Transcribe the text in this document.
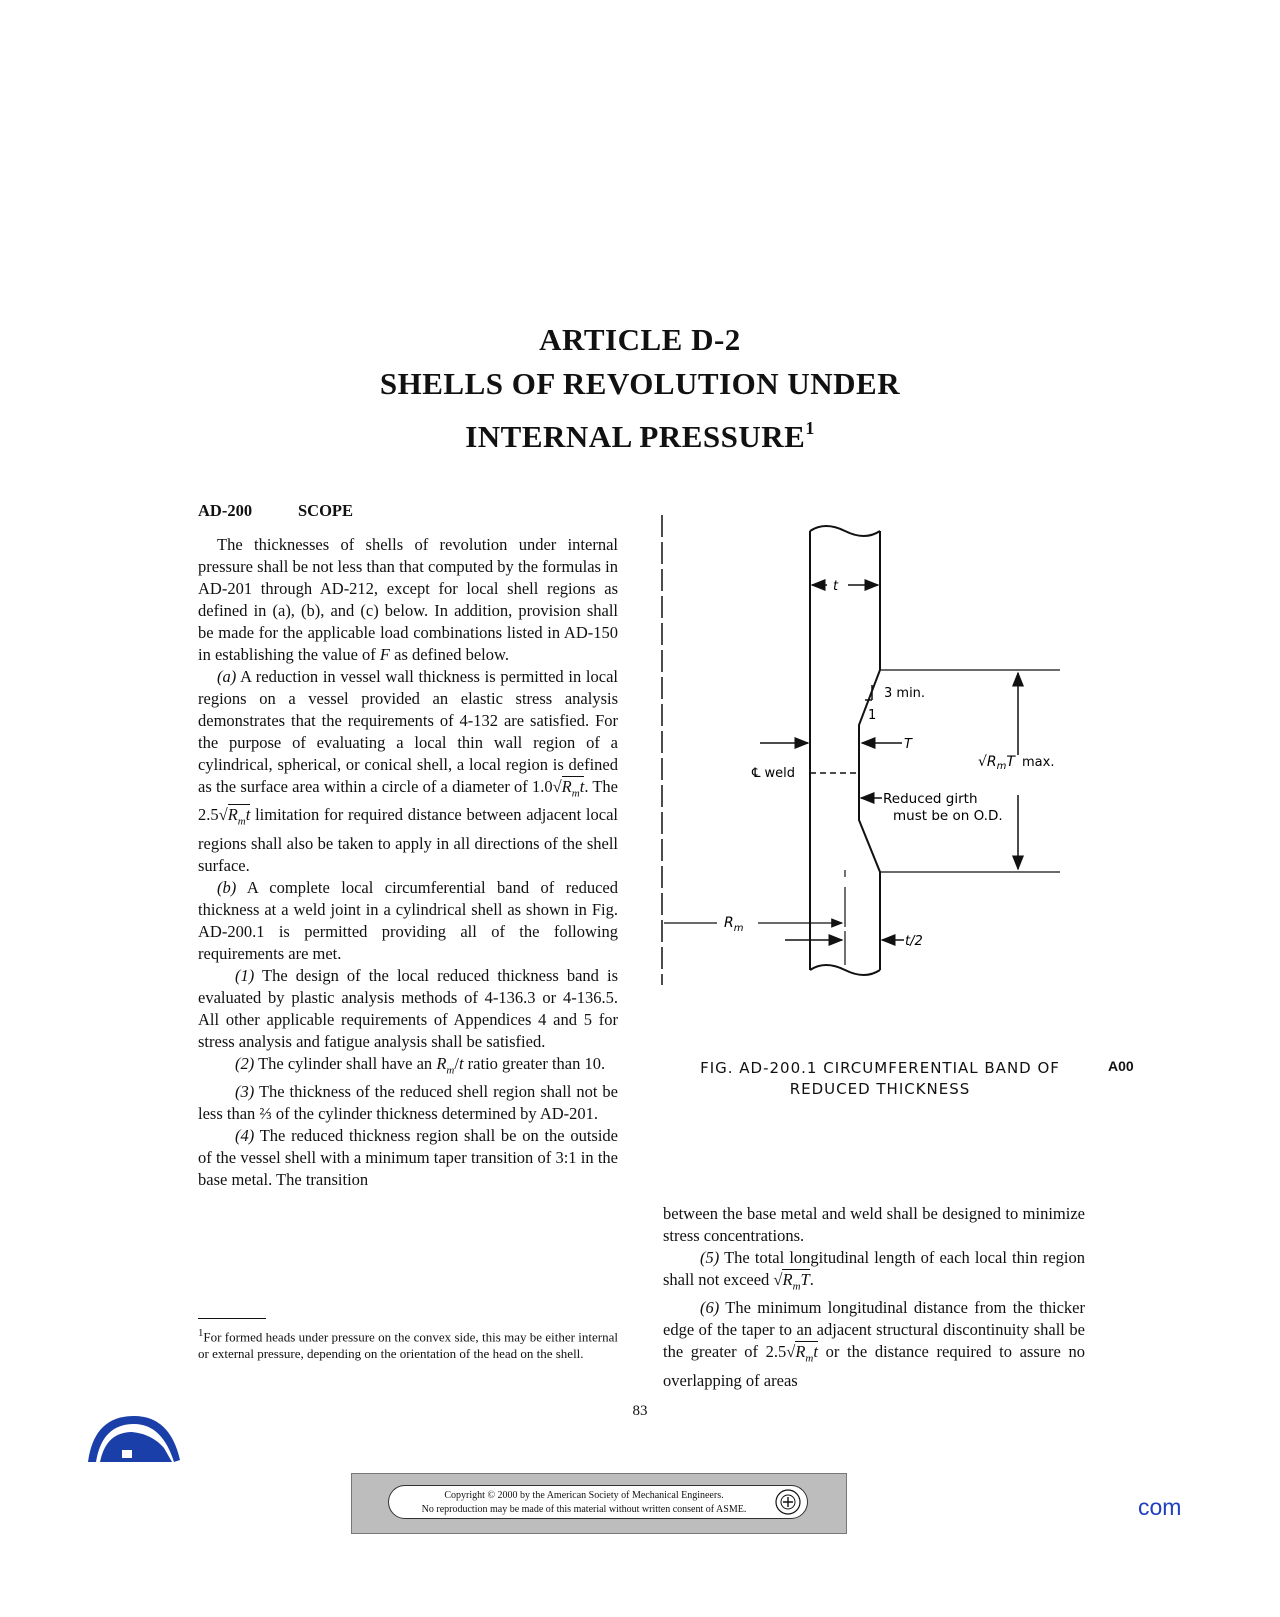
ARTICLE D-2
SHELLS OF REVOLUTION UNDER
INTERNAL PRESSURE$^1$
AD-200	SCOPE

The thicknesses of shells of revolution under internal pressure shall be not less than that computed by the formulas in AD-201 through AD-212, except for local shell regions as defined in (a), (b), and (c) below. In addition, provision shall be made for the applicable load combinations listed in AD-150 in establishing the value of F as defined below.

(a) A reduction in vessel wall thickness is permitted in local regions on a vessel provided an elastic stress analysis demonstrates that the requirements of 4-132 are satisfied. For the purpose of evaluating a local thin wall region of a cylindrical, spherical, or conical shell, a local region is defined as the surface area within a circle of a diameter of $1.0√R_mt$. The $2.5√R_mt$ limitation for required distance between adjacent local regions shall also be taken to apply in all directions of the shell surface.

(b) A complete local circumferential band of reduced thickness at a weld joint in a cylindrical shell as shown in Fig. AD-200.1 is permitted providing all of the following requirements are met.

(1) The design of the local reduced thickness band is evaluated by plastic analysis methods of 4-136.3 or 4-136.5. All other applicable requirements of Appendices 4 and 5 for stress analysis and fatigue analysis shall be satisfied.

(2) The cylinder shall have an $R_m/t$ ratio greater than 10.

(3) The thickness of the reduced shell region shall not be less than ⅔ of the cylinder thickness determined by AD-201.

(4) The reduced thickness region shall be on the outside of the vessel shell with a minimum taper transition of 3:1 in the base metal. The transition

$^1$For formed heads under pressure on the convex side, this may be either internal or external pressure, depending on the orientation of the head on the shell.
t
3 min.
1
T
℄ weld
$√R_mT$ max.
Reduced girth
must be on O.D.
$R_m$
t/2
FIG. AD-200.1 CIRCUMFERENTIAL BAND OF
REDUCED THICKNESS
A00

between the base metal and weld shall be designed to minimize stress concentrations.

(5) The total longitudinal length of each local thin region shall not exceed $√R_mT$.

(6) The minimum longitudinal distance from the thicker edge of the taper to an adjacent structural discontinuity shall be the greater of $2.5√R_mt$ or the distance required to assure no overlapping of areas

83
Copyright © 2000 by the American Society of Mechanical Engineers.
No reproduction may be made of this material without written consent of ASME.	com
